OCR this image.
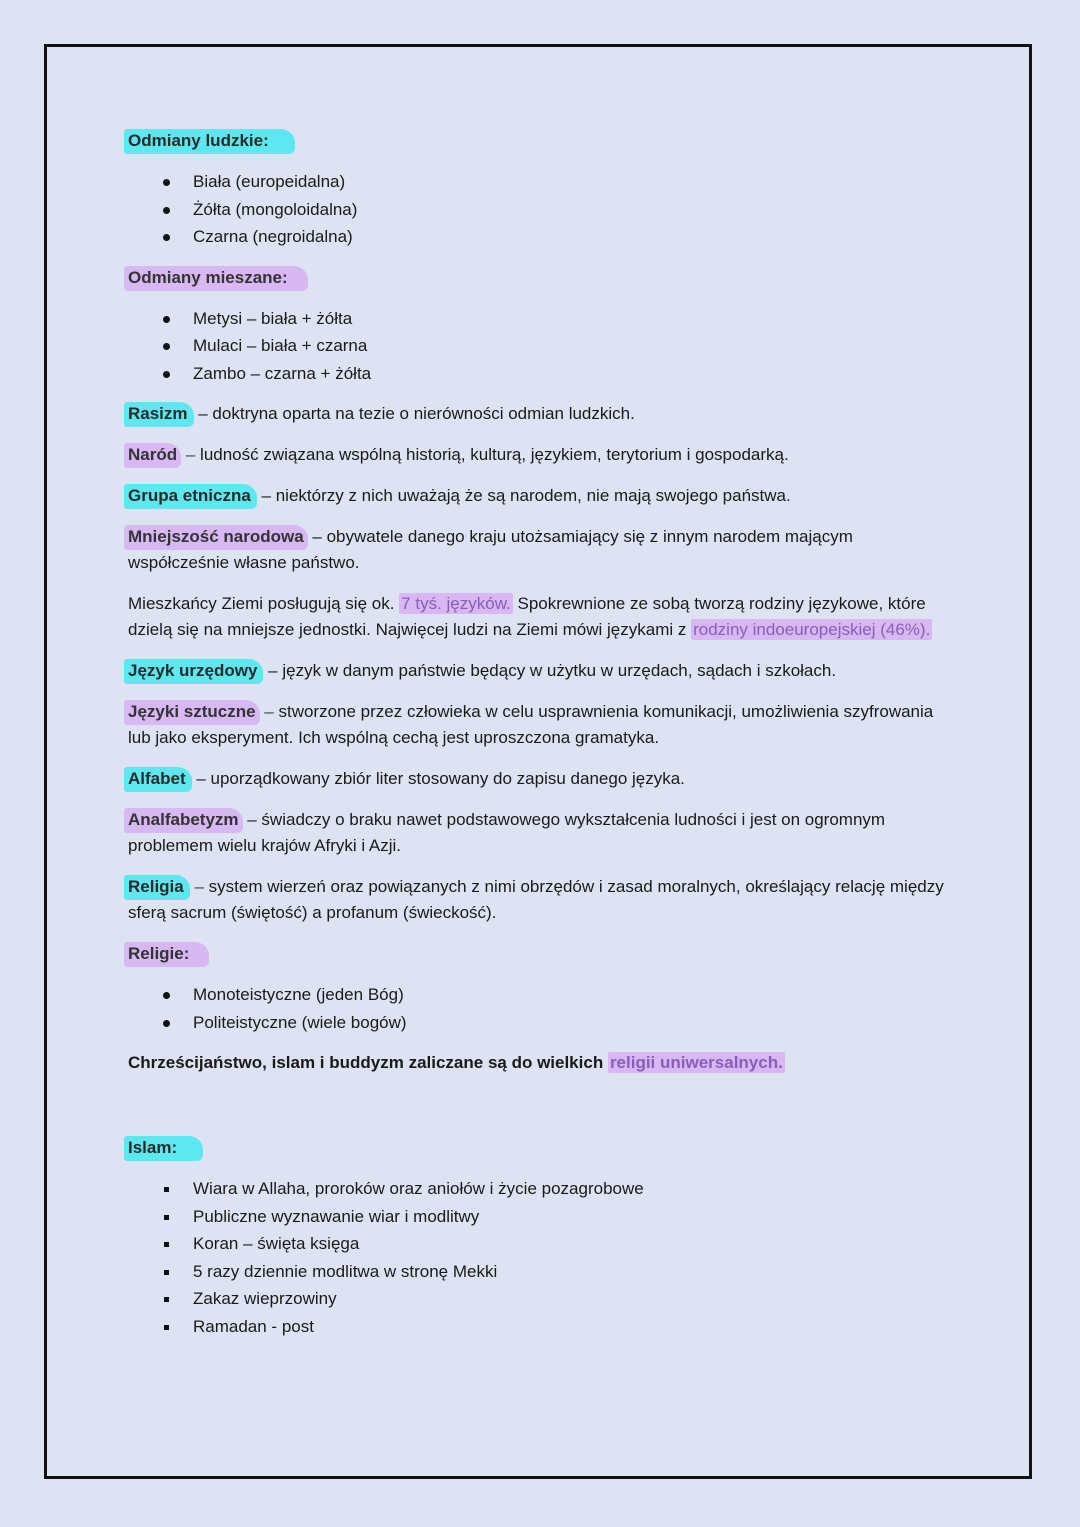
Odmiany ludzkie:

Biała (europeidalna)
Żółta (mongoloidalna)
Czarna (negroidalna)

Odmiany mieszane:

Metysi – biała + żółta
Mulaci – biała + czarna
Zambo – czarna + żółta

Rasizm – doktryna oparta na tezie o nierówności odmian ludzkich.

Naród – ludność związana wspólną historią, kulturą, językiem, terytorium i gospodarką.

Grupa etniczna – niektórzy z nich uważają że są narodem, nie mają swojego państwa.

Mniejszość narodowa – obywatele danego kraju utożsamiający się z innym narodem mającym współcześnie własne państwo.

Mieszkańcy Ziemi posługują się ok. 7 tyś. języków. Spokrewnione ze sobą tworzą rodziny językowe, które dzielą się na mniejsze jednostki. Najwięcej ludzi na Ziemi mówi językami z rodziny indoeuropejskiej (46%).

Język urzędowy – język w danym państwie będący w użytku w urzędach, sądach i szkołach.

Języki sztuczne – stworzone przez człowieka w celu usprawnienia komunikacji, umożliwienia szyfrowania lub jako eksperyment. Ich wspólną cechą jest uproszczona gramatyka.

Alfabet – uporządkowany zbiór liter stosowany do zapisu danego języka.

Analfabetyzm – świadczy o braku nawet podstawowego wykształcenia ludności i jest on ogromnym problemem wielu krajów Afryki i Azji.

Religia – system wierzeń oraz powiązanych z nimi obrzędów i zasad moralnych, określający relację między sferą sacrum (świętość) a profanum (świeckość).

Religie:

Monoteistyczne (jeden Bóg)
Politeistyczne (wiele bogów)

Chrześcijaństwo, islam i buddyzm zaliczane są do wielkich religii uniwersalnych.

Islam:

Wiara w Allaha, proroków oraz aniołów i życie pozagrobowe
Publiczne wyznawanie wiar i modlitwy
Koran – święta księga
5 razy dziennie modlitwa w stronę Mekki
Zakaz wieprzowiny
Ramadan - post
